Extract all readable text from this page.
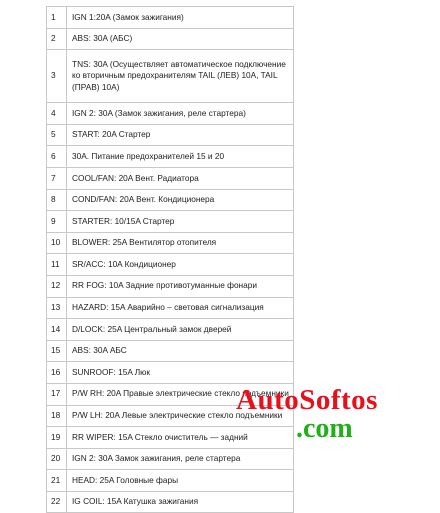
1	IGN 1:20A (Замок зажигания)
2	ABS: 30A (АБС)
3	TNS: 30A (Осуществляет автоматическое подключение ко вторичным предохранителям TAIL (ЛЕВ) 10A, TAIL (ПРАВ) 10A)
4	IGN 2: 30A (Замок зажигания, реле стартера)
5	START: 20A Стартер
6	30A. Питание предохранителей 15 и 20
7	COOL/FAN: 20A Вент. Радиатора
8	COND/FAN: 20A Вент. Кондиционера
9	STARTER: 10/15A Стартер
10	BLOWER: 25A Вентилятор отопителя
11	SR/ACC: 10A Кондиционер
12	RR FOG: 10A Задние противотуманные фонари
13	HAZARD: 15A Аварийно – световая сигнализация
14	D/LOCK: 25A Центральный замок дверей
15	ABS: 30A АБС
16	SUNROOF: 15A Люк
17	P/W RH: 20A Правые электрические стекло подъемники
18	P/W LH: 20A Левые электрические стекло подъемники
19	RR WIPER: 15A Стекло очиститель — задний
20	IGN 2: 30A Замок зажигания, реле стартера
21	HEAD: 25A Головные фары
22	IG COIL: 15A Катушка зажигания
AutoSoftos
.com
